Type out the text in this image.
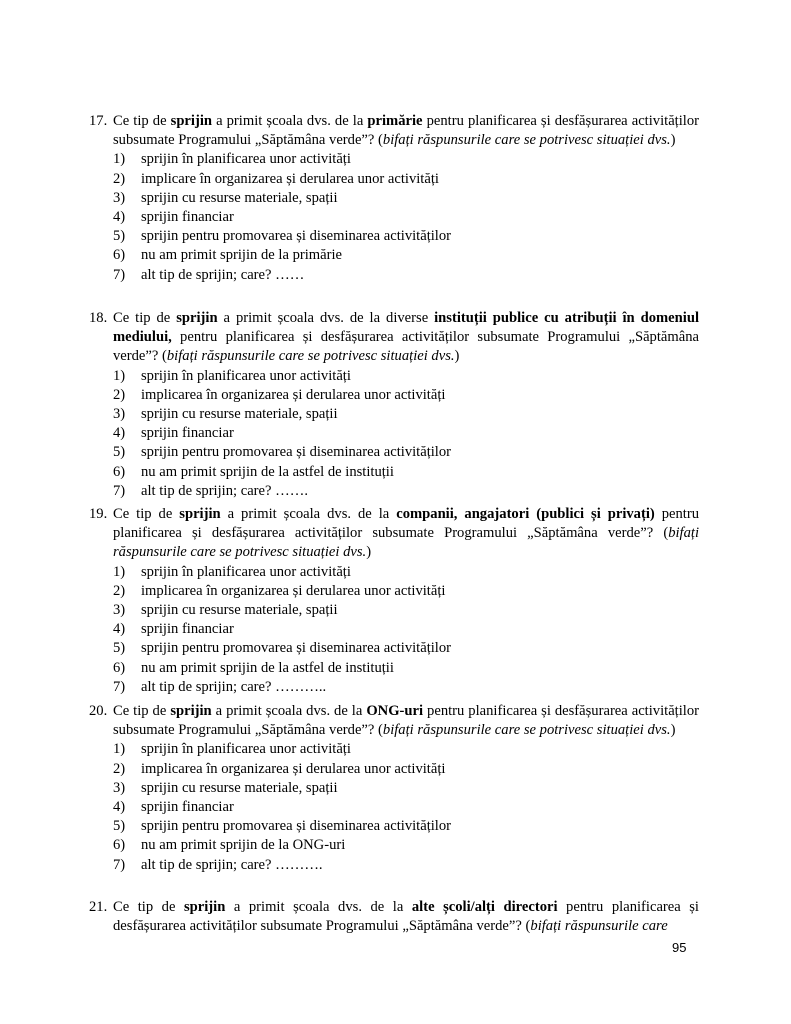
17. Ce tip de sprijin a primit școala dvs. de la primărie pentru planificarea și desfășurarea activităților subsumate Programului „Săptămâna verde”? (bifați răspunsurile care se potrivesc situației dvs.)
1) sprijin în planificarea unor activități
2) implicare în organizarea și derularea unor activități
3) sprijin cu resurse materiale, spații
4) sprijin financiar
5) sprijin pentru promovarea și diseminarea activităților
6) nu am primit sprijin de la primărie
7) alt tip de sprijin; care? ……
18. Ce tip de sprijin a primit școala dvs. de la diverse instituții publice cu atribuții în domeniul mediului, pentru planificarea și desfășurarea activităților subsumate Programului „Săptămâna verde”? (bifați răspunsurile care se potrivesc situației dvs.)
1) sprijin în planificarea unor activități
2) implicarea în organizarea și derularea unor activități
3) sprijin cu resurse materiale, spații
4) sprijin financiar
5) sprijin pentru promovarea și diseminarea activităților
6) nu am primit sprijin de la astfel de instituții
7) alt tip de sprijin; care? …….
19. Ce tip de sprijin a primit școala dvs. de la companii, angajatori (publici și privați) pentru planificarea și desfășurarea activităților subsumate Programului „Săptămâna verde”? (bifați răspunsurile care se potrivesc situației dvs.)
1) sprijin în planificarea unor activități
2) implicarea în organizarea și derularea unor activități
3) sprijin cu resurse materiale, spații
4) sprijin financiar
5) sprijin pentru promovarea și diseminarea activităților
6) nu am primit sprijin de la astfel de instituții
7) alt tip de sprijin; care? ………..
20. Ce tip de sprijin a primit școala dvs. de la ONG-uri pentru planificarea și desfășurarea activităților subsumate Programului „Săptămâna verde”? (bifați răspunsurile care se potrivesc situației dvs.)
1) sprijin în planificarea unor activități
2) implicarea în organizarea și derularea unor activități
3) sprijin cu resurse materiale, spații
4) sprijin financiar
5) sprijin pentru promovarea și diseminarea activităților
6) nu am primit sprijin de la ONG-uri
7) alt tip de sprijin; care? ……….
21. Ce tip de sprijin a primit școala dvs. de la alte școli/alți directori pentru planificarea și desfășurarea activităților subsumate Programului „Săptămâna verde”? (bifați răspunsurile care
95
